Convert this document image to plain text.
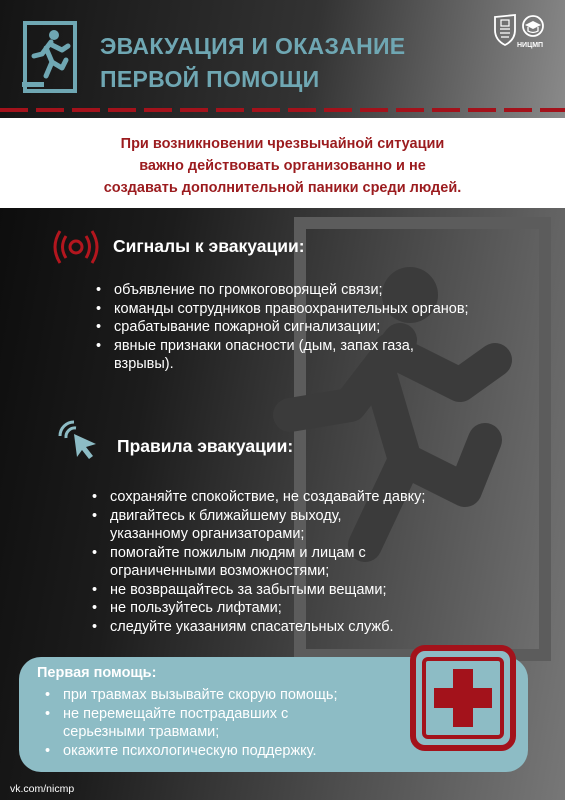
ЭВАКУАЦИЯ И ОКАЗАНИЕ
ПЕРВОЙ ПОМОЩИ
НИЦМП

При возникновении чрезвычайной ситуации
важно действовать организованно и не
создавать дополнительной паники среди людей.

Сигналы к эвакуации:
• объявление по громкоговорящей связи;
• команды сотрудников правоохранительных органов;
• срабатывание пожарной сигнализации;
• явные признаки опасности (дым, запах газа, взрывы).
Правила эвакуации:
• сохраняйте спокойствие, не создавайте давку;
• двигайтесь к ближайшему выходу, указанному организаторами;
• помогайте пожилым людям и лицам с ограниченными возможностями;
• не возвращайтесь за забытыми вещами;
• не пользуйтесь лифтами;
• следуйте указаниям спасательных служб.
Первая помощь:
• при травмах вызывайте скорую помощь;
• не перемещайте пострадавших с серьезными травмами;
• окажите психологическую поддержку.
vk.com/nicmp
